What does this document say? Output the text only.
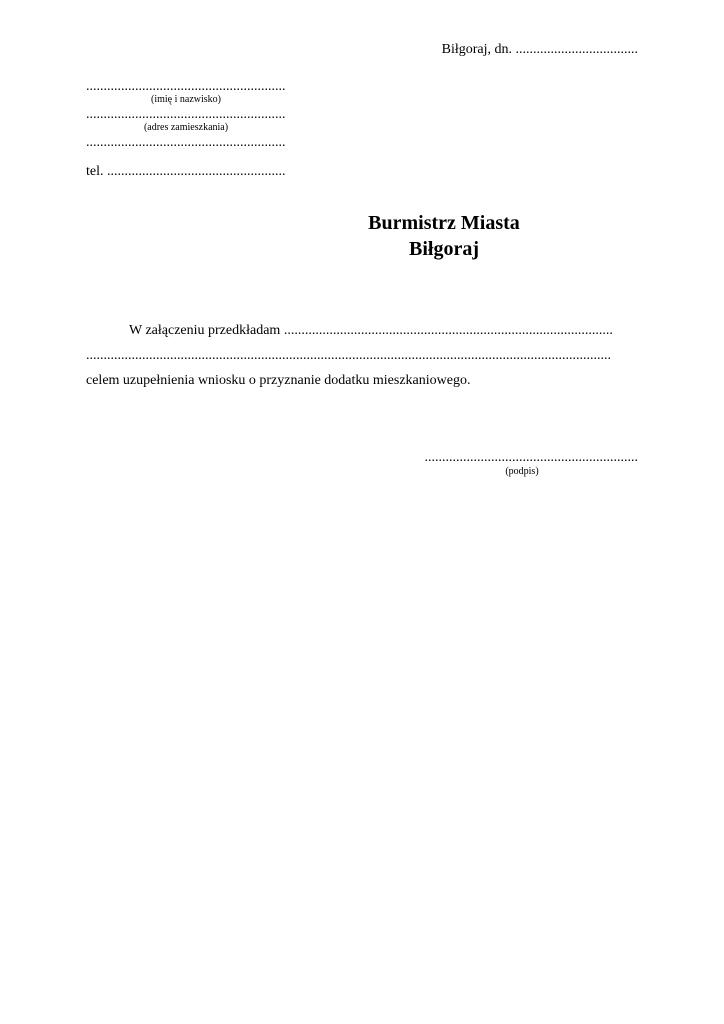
Biłgoraj, dn. ...................................
.........................................................
(imię i nazwisko)
.........................................................
(adres zamieszkania)
.........................................................
tel. ...................................................
Burmistrz Miasta
Biłgoraj
W załączeniu przedkładam ..............................................................................................
......................................................................................................................................................
celem uzupełnienia wniosku o przyznanie dodatku mieszkaniowego.
.............................................................
(podpis)
